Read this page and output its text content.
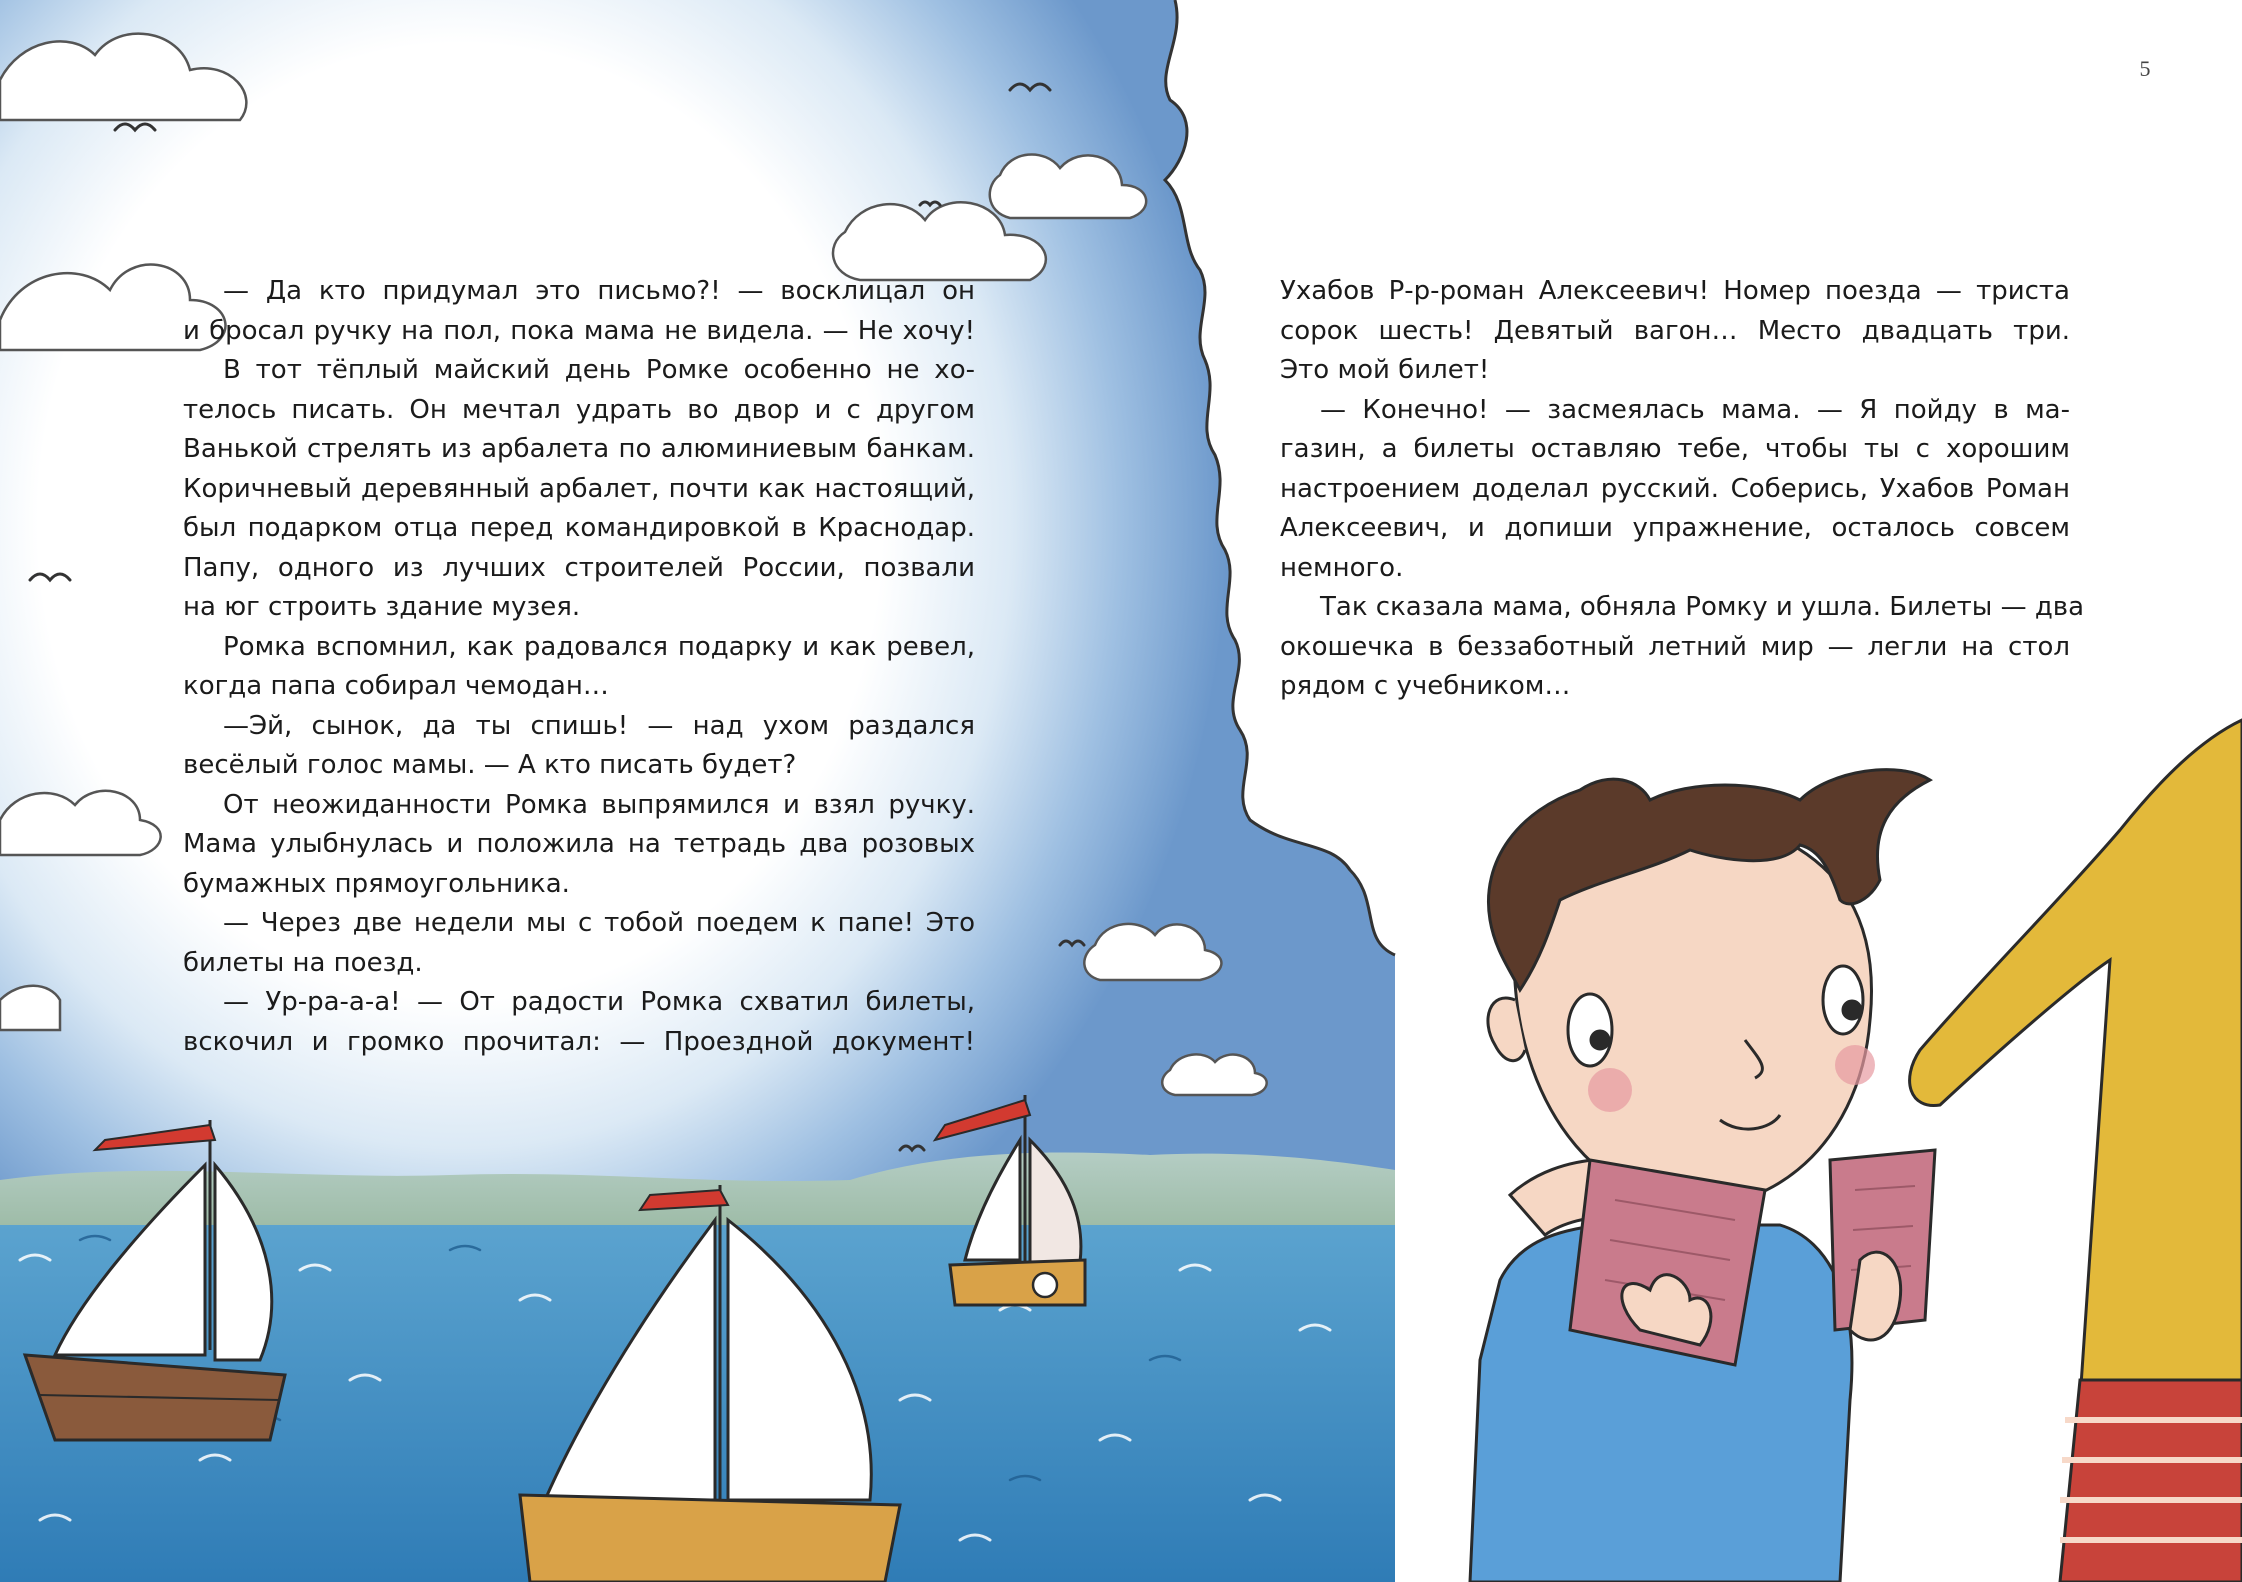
5

— Да кто придумал это письмо?! — восклицал он

и бросал ручку на пол, пока мама не видела. — Не хочу!

В тот тёплый майский день Ромке особенно не хо-

телось писать. Он мечтал удрать во двор и с другом

Ванькой стрелять из арбалета по алюминиевым банкам.

Коричневый деревянный арбалет, почти как настоящий,

был подарком отца перед командировкой в Краснодар.

Папу, одного из лучших строителей России, позвали

на юг строить здание музея.

Ромка вспомнил, как радовался подарку и как ревел,

когда папа собирал чемодан…

—Эй, сынок, да ты спишь! — над ухом раздался

весёлый голос мамы. — А кто писать будет?

От неожиданности Ромка выпрямился и взял ручку.

Мама улыбнулась и положила на тетрадь два розовых

бумажных прямоугольника.

— Через две недели мы с тобой поедем к папе! Это

билеты на поезд.

— Ур-ра-а-а! — От радости Ромка схватил билеты,

вскочил и громко прочитал: — Проездной документ!

Ухабов Р-р-роман Алексеевич! Номер поезда — триста

сорок шесть! Девятый вагон… Место двадцать три.

Это мой билет!

— Конечно! — засмеялась мама. — Я пойду в ма-

газин, а билеты оставляю тебе, чтобы ты с хорошим

настроением доделал русский. Соберись, Ухабов Роман

Алексеевич, и допиши упражнение, осталось совсем

немного.

Так сказала мама, обняла Ромку и ушла. Билеты — два

окошечка в беззаботный летний мир — легли на стол

рядом с учебником…
